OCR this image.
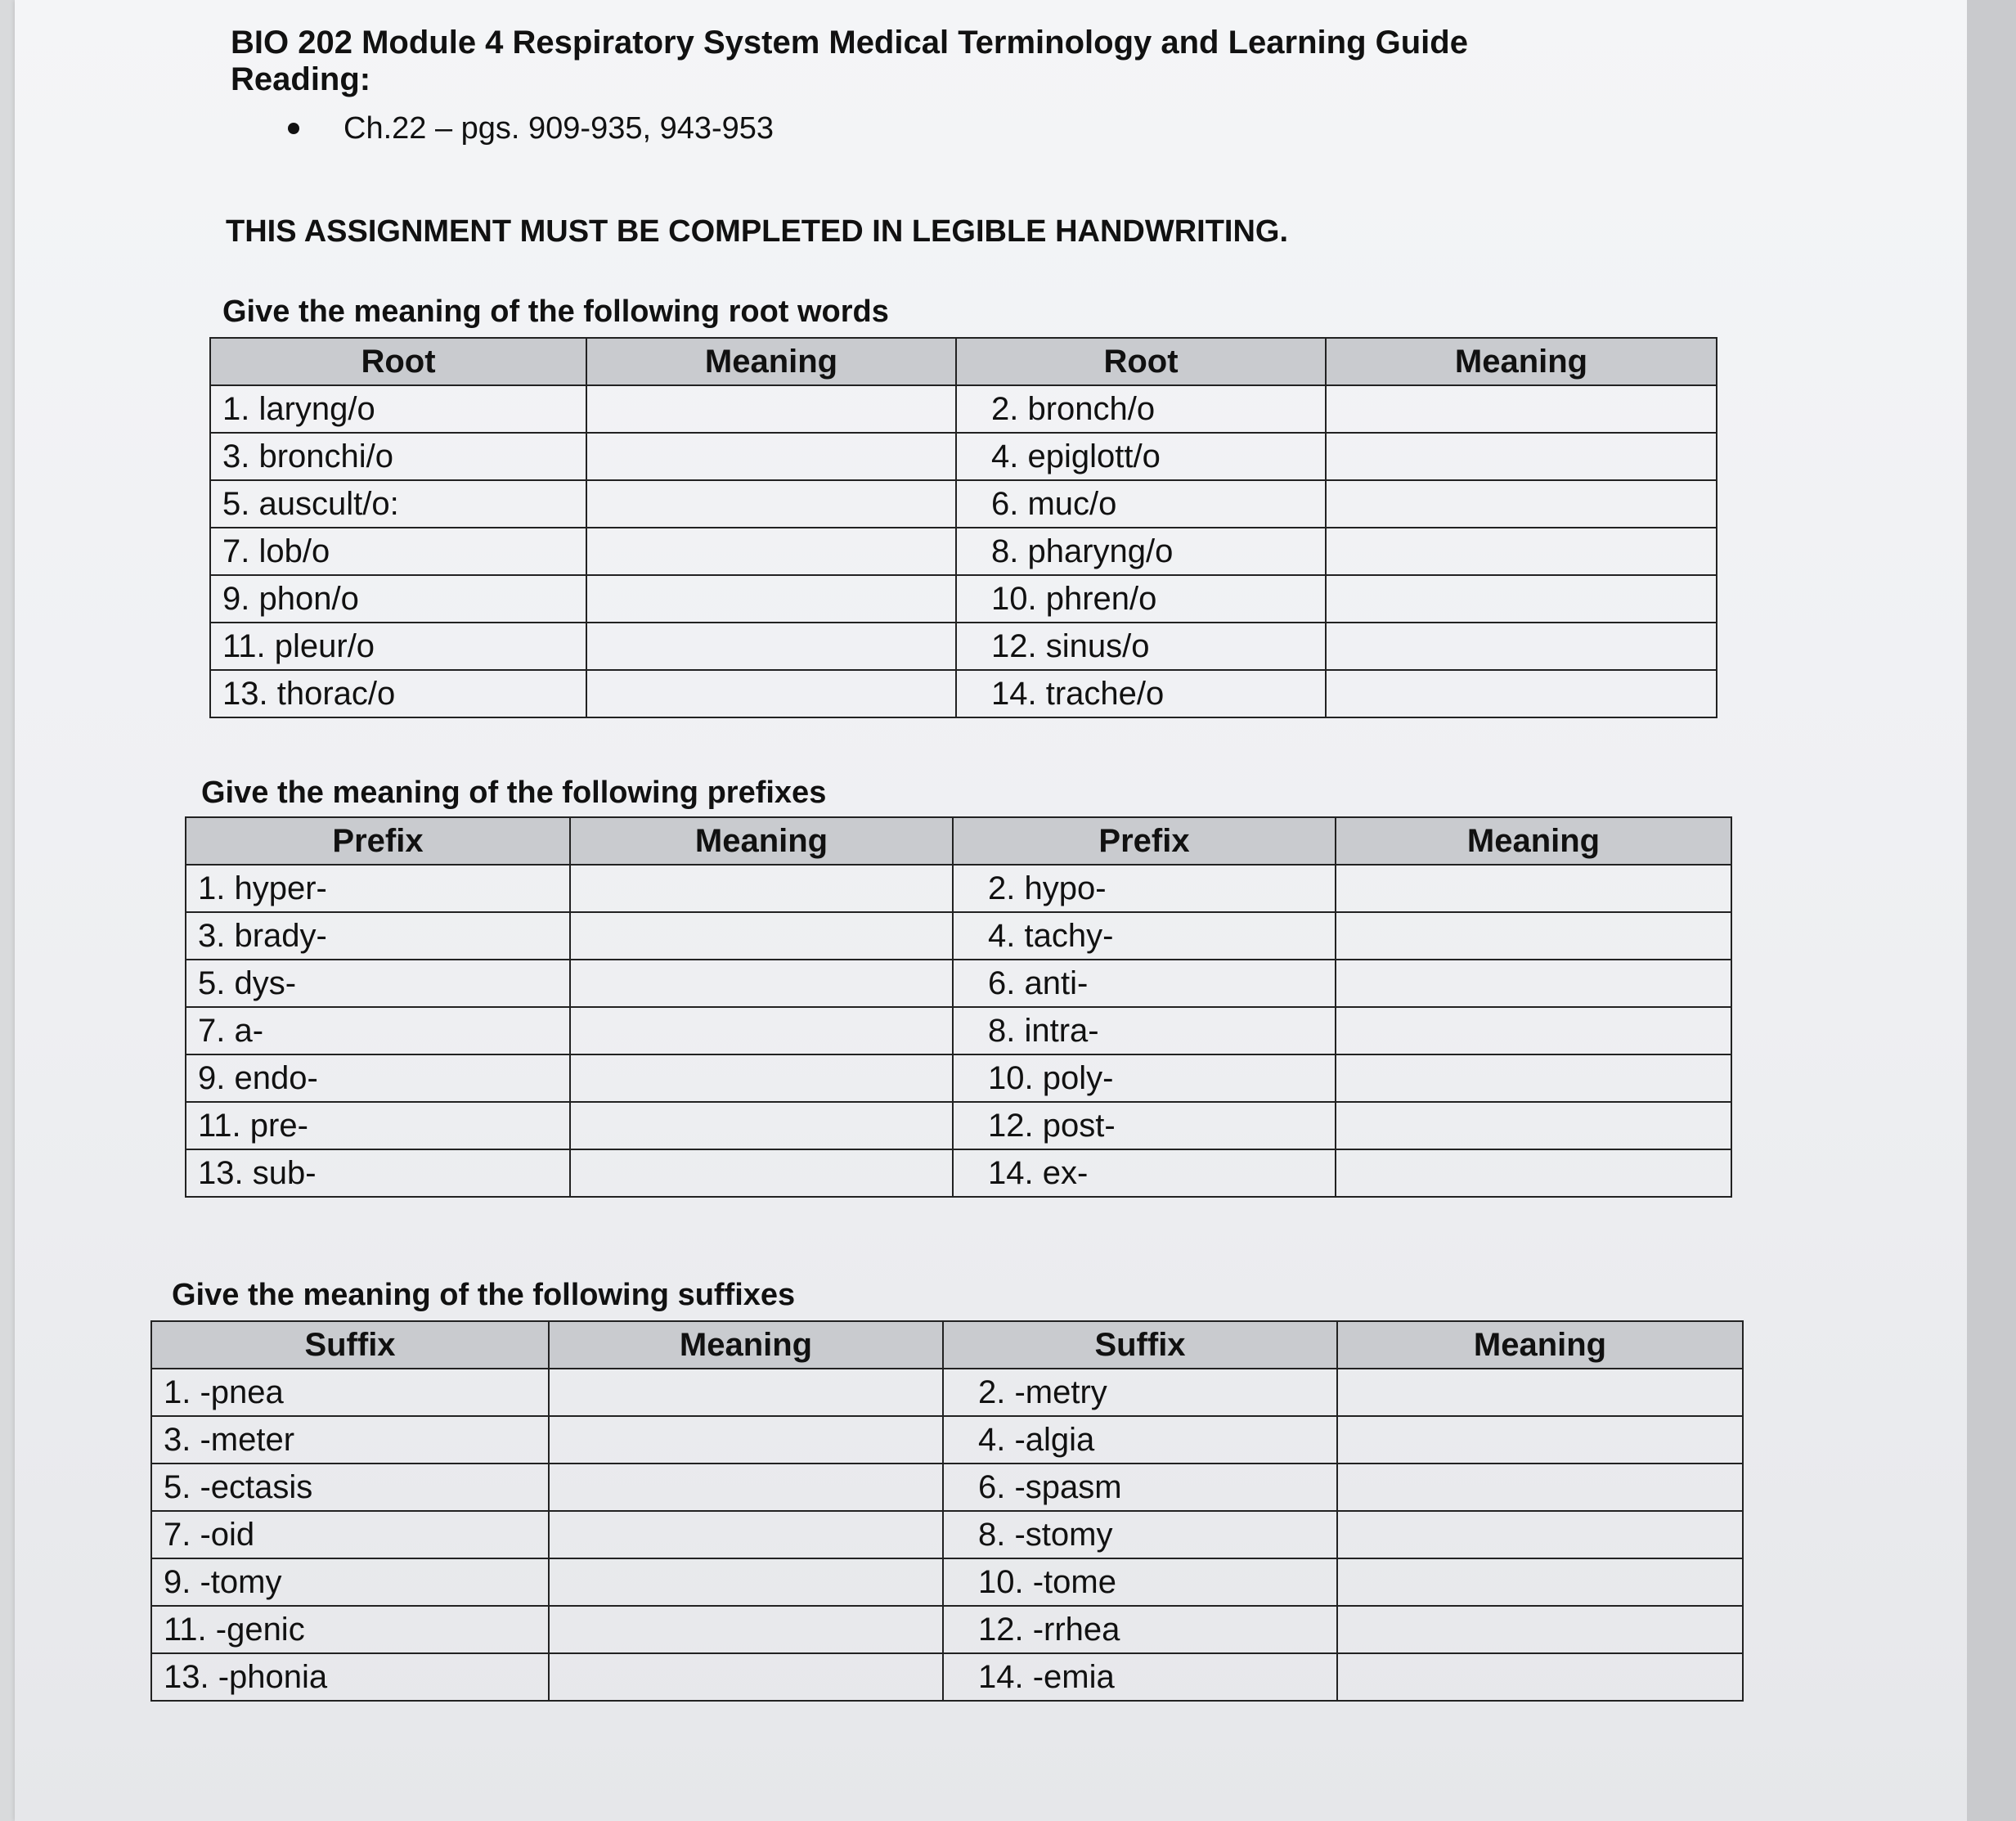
BIO 202 Module 4 Respiratory System Medical Terminology and Learning Guide
Reading:
Ch.22 – pgs. 909-935, 943-953
THIS ASSIGNMENT MUST BE COMPLETED IN LEGIBLE HANDWRITING.
Give the meaning of the following root words
Root	Meaning	Root	Meaning
1. laryng/o		2. bronch/o	
3. bronchi/o		4. epiglott/o	
5. auscult/o:		6. muc/o	
7. lob/o		8. pharyng/o	
9. phon/o		10. phren/o	
11. pleur/o		12. sinus/o	
13. thorac/o		14. trache/o	
Give the meaning of the following prefixes
Prefix	Meaning	Prefix	Meaning
1. hyper-		2. hypo-	
3. brady-		4. tachy-	
5. dys-		6. anti-	
7. a-		8. intra-	
9. endo-		10. poly-	
11. pre-		12. post-	
13. sub-		14. ex-	
Give the meaning of the following suffixes
Suffix	Meaning	Suffix	Meaning
1. -pnea		2. -metry	
3. -meter		4. -algia	
5. -ectasis		6. -spasm	
7. -oid		8. -stomy	
9. -tomy		10. -tome	
11. -genic		12. -rrhea	
13. -phonia		14. -emia	
